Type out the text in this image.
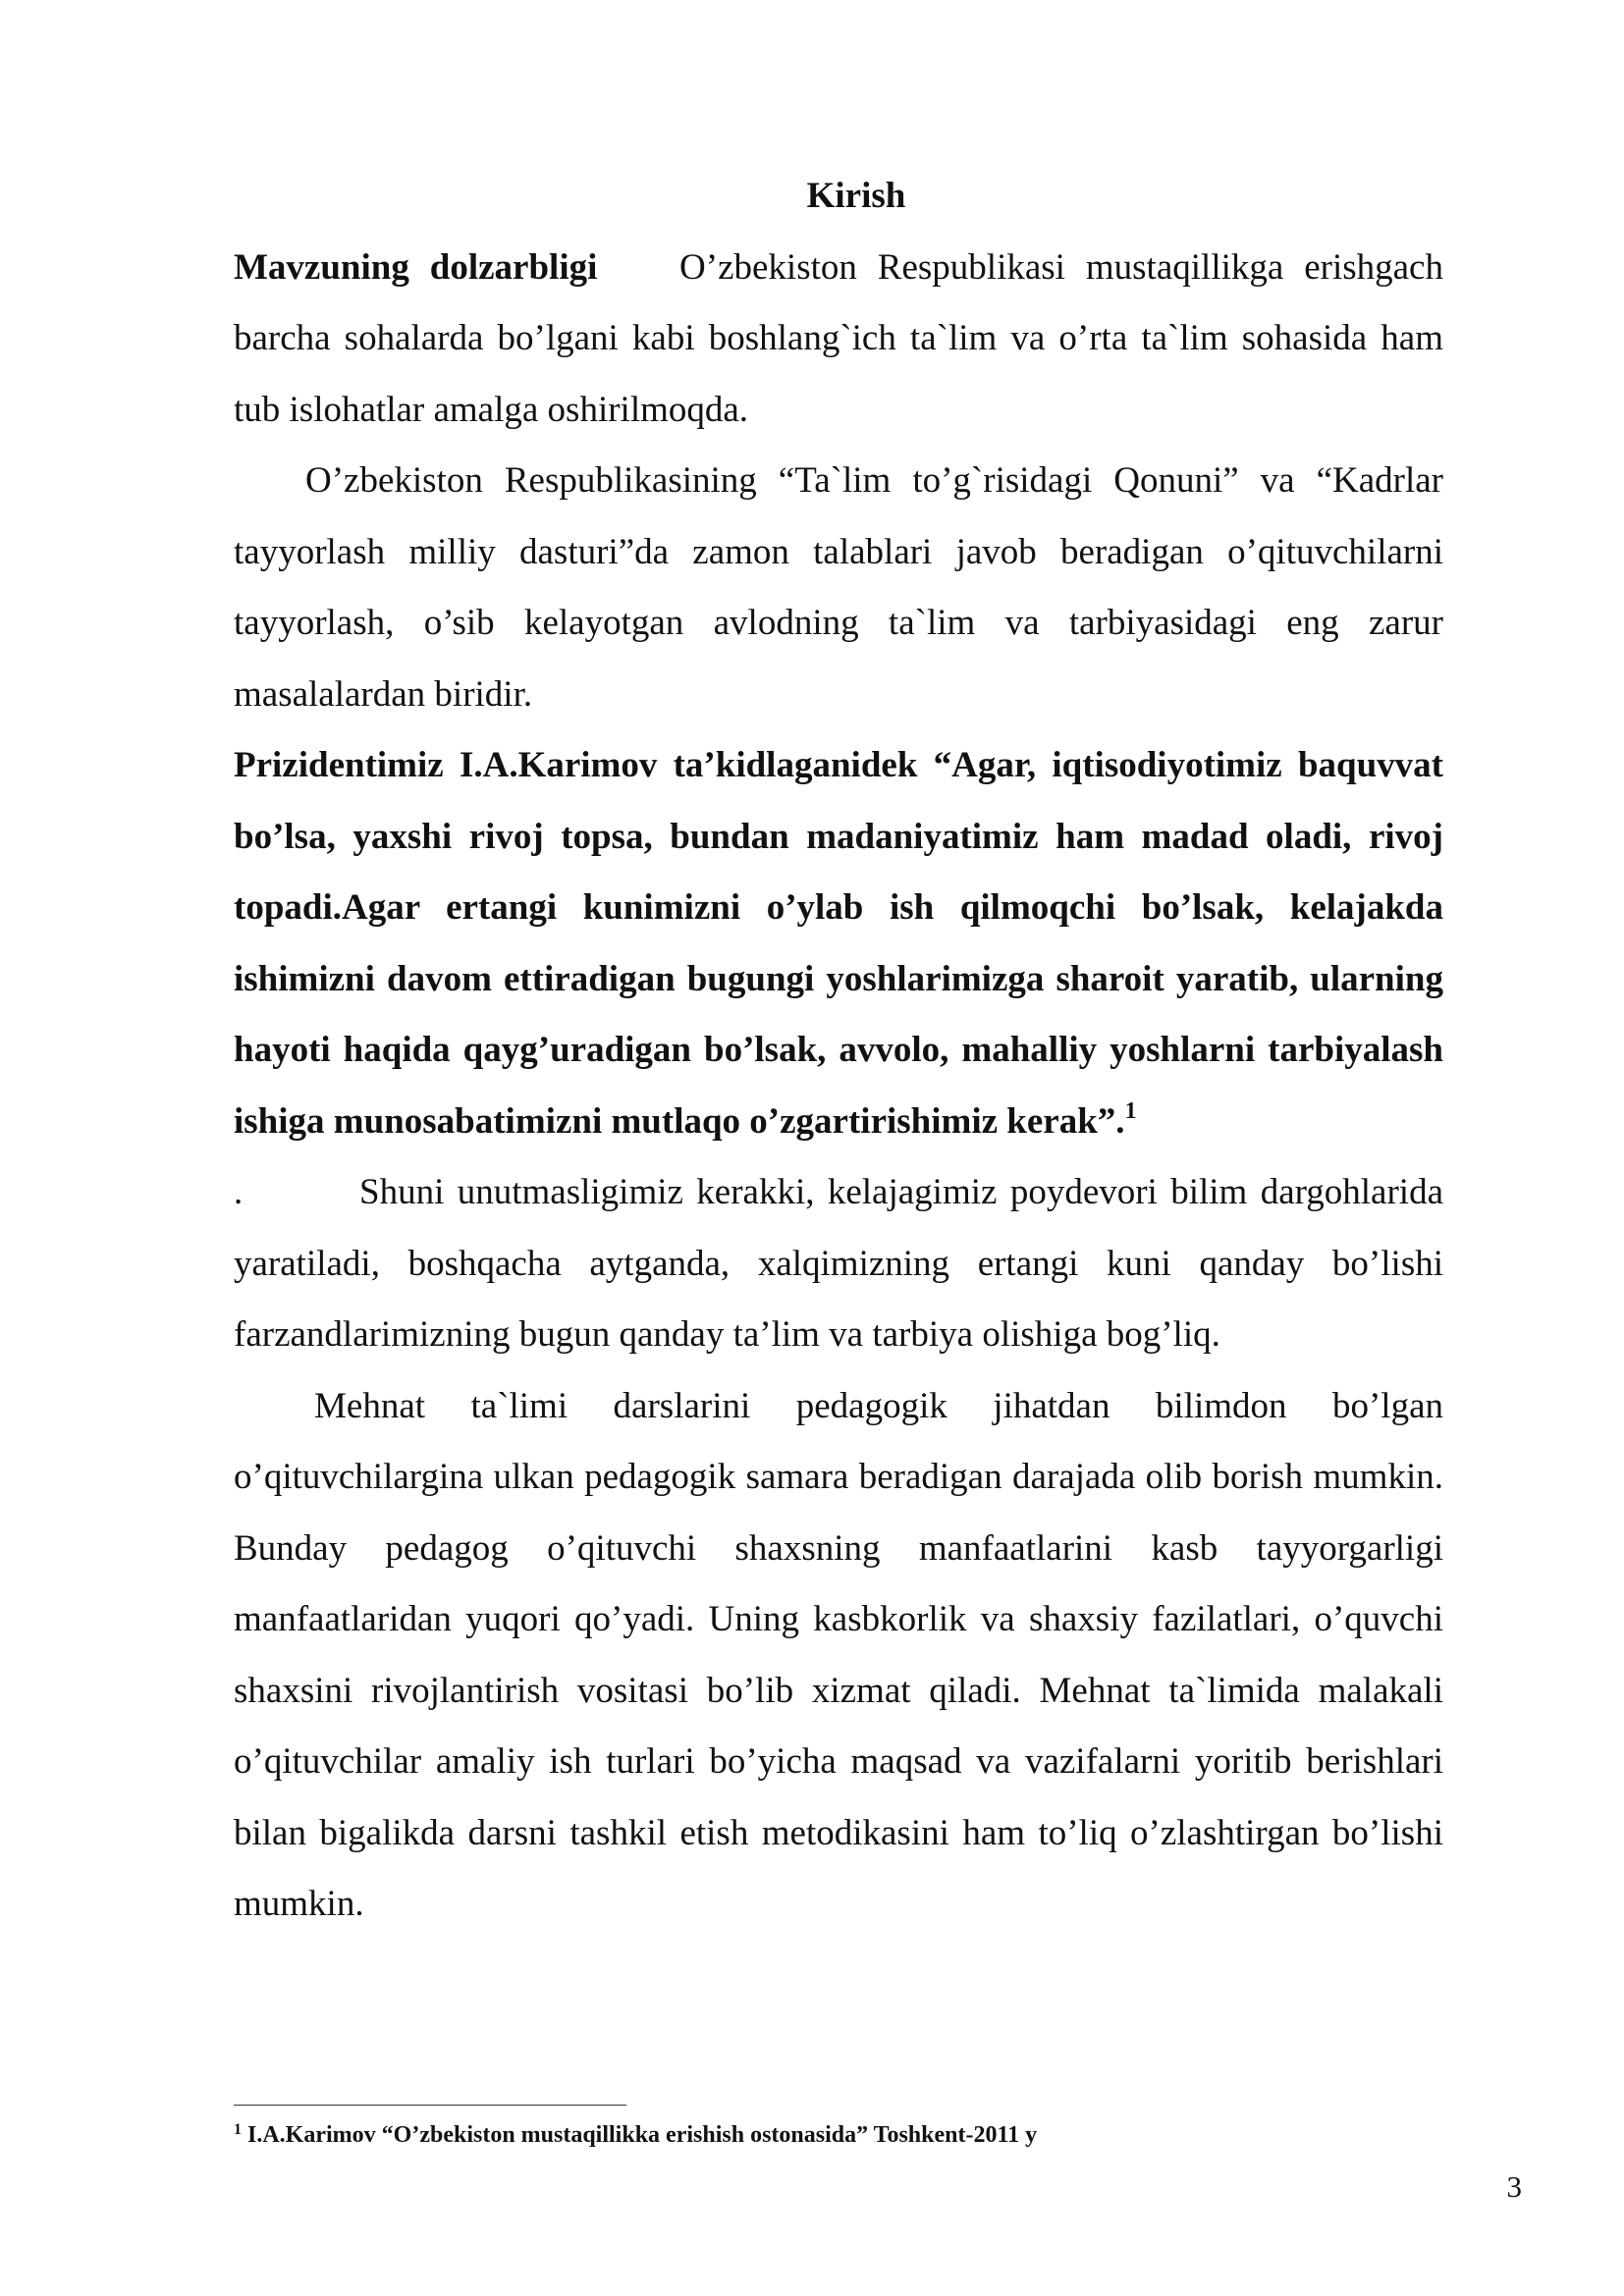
Kirish

Mavzuning dolzarbligi O’zbekiston Respublikasi mustaqillikga erishgach barcha sohalarda bo’lgani kabi boshlang`ich ta`lim va o’rta ta`lim sohasida ham tub islohatlar amalga oshirilmoqda.

O’zbekiston Respublikasining “Ta`lim to’g`risidagi Qonuni” va “Kadrlar tayyorlash milliy dasturi”da zamon talablari javob beradigan o’qituvchilarni tayyorlash, o’sib kelayotgan avlodning ta`lim va tarbiyasidagi eng zarur masalalardan biridir.

Prizidentimiz I.A.Karimov ta’kidlaganidek “Agar, iqtisodiyotimiz baquvvat bo’lsa, yaxshi rivoj topsa, bundan madaniyatimiz ham madad oladi, rivoj topadi.Agar ertangi kunimizni o’ylab ish qilmoqchi bo’lsak, kelajakda ishimizni davom ettiradigan bugungi yoshlarimizga sharoit yaratib, ularning hayoti haqida qayg’uradigan bo’lsak, avvolo, mahalliy yoshlarni tarbiyalash ishiga munosabatimizni mutlaqo o’zgartirishimiz kerak”.$^1$

.	Shuni unutmasligimiz kerakki, kelajagimiz poydevori bilim dargohlarida yaratiladi, boshqacha aytganda, xalqimizning ertangi kuni qanday bo’lishi farzandlarimizning bugun qanday ta’lim va tarbiya olishiga bog’liq.

Mehnat ta`limi darslarini pedagogik jihatdan bilimdon bo’lgan o’qituvchilargina ulkan pedagogik samara beradigan darajada olib borish mumkin. Bunday pedagog o’qituvchi shaxsning manfaatlarini kasb tayyorgarligi manfaatlaridan yuqori qo’yadi. Uning kasbkorlik va shaxsiy fazilatlari, o’quvchi shaxsini rivojlantirish vositasi bo’lib xizmat qiladi. Mehnat ta`limida malakali o’qituvchilar amaliy ish turlari bo’yicha maqsad va vazifalarni yoritib berishlari bilan bigalikda darsni tashkil etish metodikasini ham to’liq o’zlashtirgan bo’lishi mumkin.

$^1$ I.A.Karimov “O’zbekiston mustaqillikka erishish ostonasida” Toshkent-2011 y
3
